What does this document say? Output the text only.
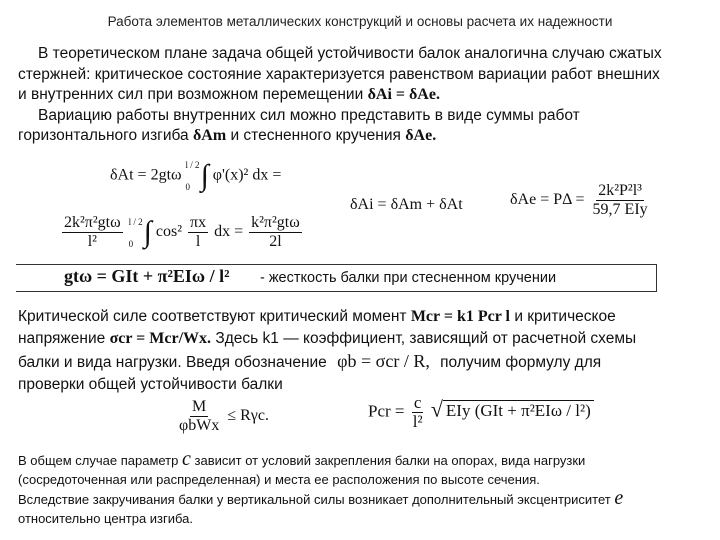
Работа элементов металлических конструкций и основы расчета их надежности
В теоретическом плане задача общей устойчивости балок аналогична случаю сжатых
стержней: критическое состояние характеризуется равенством вариации работ внешних
и внутренних сил при возможном перемещении δAi = δAe.
Вариацию работы внутренних сил можно представить в виде суммы работ
горизонтального изгиба δAm и стесненного кручения δAe.
δAt = 2gtω
l / 2
0 ∫ φ'(x)² dx =
δAi = δAm + δAt	$\delta Ae = P\Delta = \frac{\text{2k²P²l³}}{\text{59,7 EIy}}$
$\frac{\text{2k²π²gtω}}{\text{l²}}$
l / 2
0 ∫ $\cos^2 \frac{\pi x}{l}$ dx = $\frac{\text{k²π²gtω}}{2l}$
gtω = GIt + π²EIω / l² - жесткость балки при стесненном кручении
Критической силе соответствуют критический момент Mcr = k1 Pcr l и критическое
напряжение σcr = Mcr/Wx. Здесь k1 — коэффициент, зависящий от расчетной схемы
балки и вида нагрузки. Введя обозначение φb = σcr / R, получим формулу для
проверки общей устойчивости балки
$\frac{M}{\text{φbWx}} \le R\gamma c$.	Pcr = $\frac{c}{\text{l²}}$ √ EIy (GIt + π²EIω / l²)
В общем случае параметр c зависит от условий закрепления балки на опорах, вида нагрузки
(сосредоточенная или распределенная) и места ее расположения по высоте сечения.
Вследствие закручивания балки у вертикальной силы возникает дополнительный эксцентриситет e
относительно центра изгиба.
